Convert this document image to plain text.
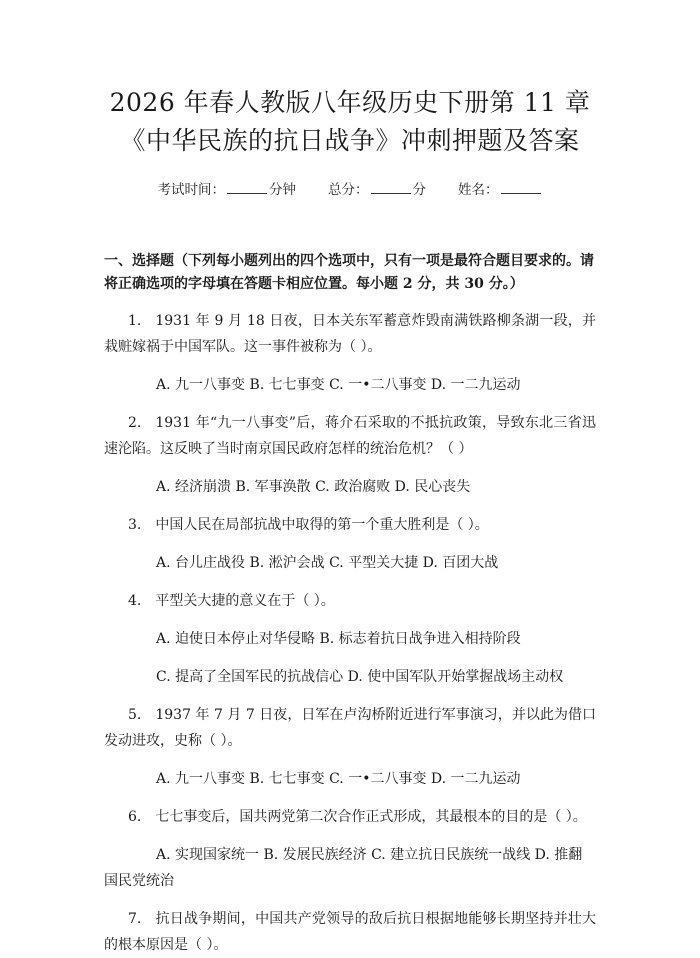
2026 年春人教版八年级历史下册第 11 章
《中华民族的抗日战争》冲刺押题及答案
考试时间：	分钟 总分：	分 姓名：
一、选择题（下列每小题列出的四个选项中，只有一项是最符合题目要求的。请将正确选项的字母填在答题卡相应位置。每小题 2 分，共 30 分。）

1. 1931 年 9 月 18 日夜，日本关东军蓄意炸毁南满铁路柳条湖一段，并栽赃嫁祸于中国军队。这一事件被称为（ ）。

A. 九一八事变 B. 七七事变 C. 一•二八事变 D. 一二九运动

2. 1931 年“九一八事变”后，蒋介石采取的不抵抗政策，导致东北三省迅速沦陷。这反映了当时南京国民政府怎样的统治危机？（ ）

A. 经济崩溃 B. 军事涣散 C. 政治腐败 D. 民心丧失

3. 中国人民在局部抗战中取得的第一个重大胜利是（ ）。

A. 台儿庄战役 B. 淞沪会战 C. 平型关大捷 D. 百团大战

4. 平型关大捷的意义在于（ ）。

A. 迫使日本停止对华侵略 B. 标志着抗日战争进入相持阶段
C. 提高了全国军民的抗战信心 D. 使中国军队开始掌握战场主动权

5. 1937 年 7 月 7 日夜，日军在卢沟桥附近进行军事演习，并以此为借口发动进攻，史称（ ）。

A. 九一八事变 B. 七七事变 C. 一•二八事变 D. 一二九运动

6. 七七事变后，国共两党第二次合作正式形成，其最根本的目的是（ ）。

A. 实现国家统一 B. 发展民族经济 C. 建立抗日民族统一战线 D. 推翻国民党统治

7. 抗日战争期间，中国共产党领导的敌后抗日根据地能够长期坚持并壮大的根本原因是（ ）。
